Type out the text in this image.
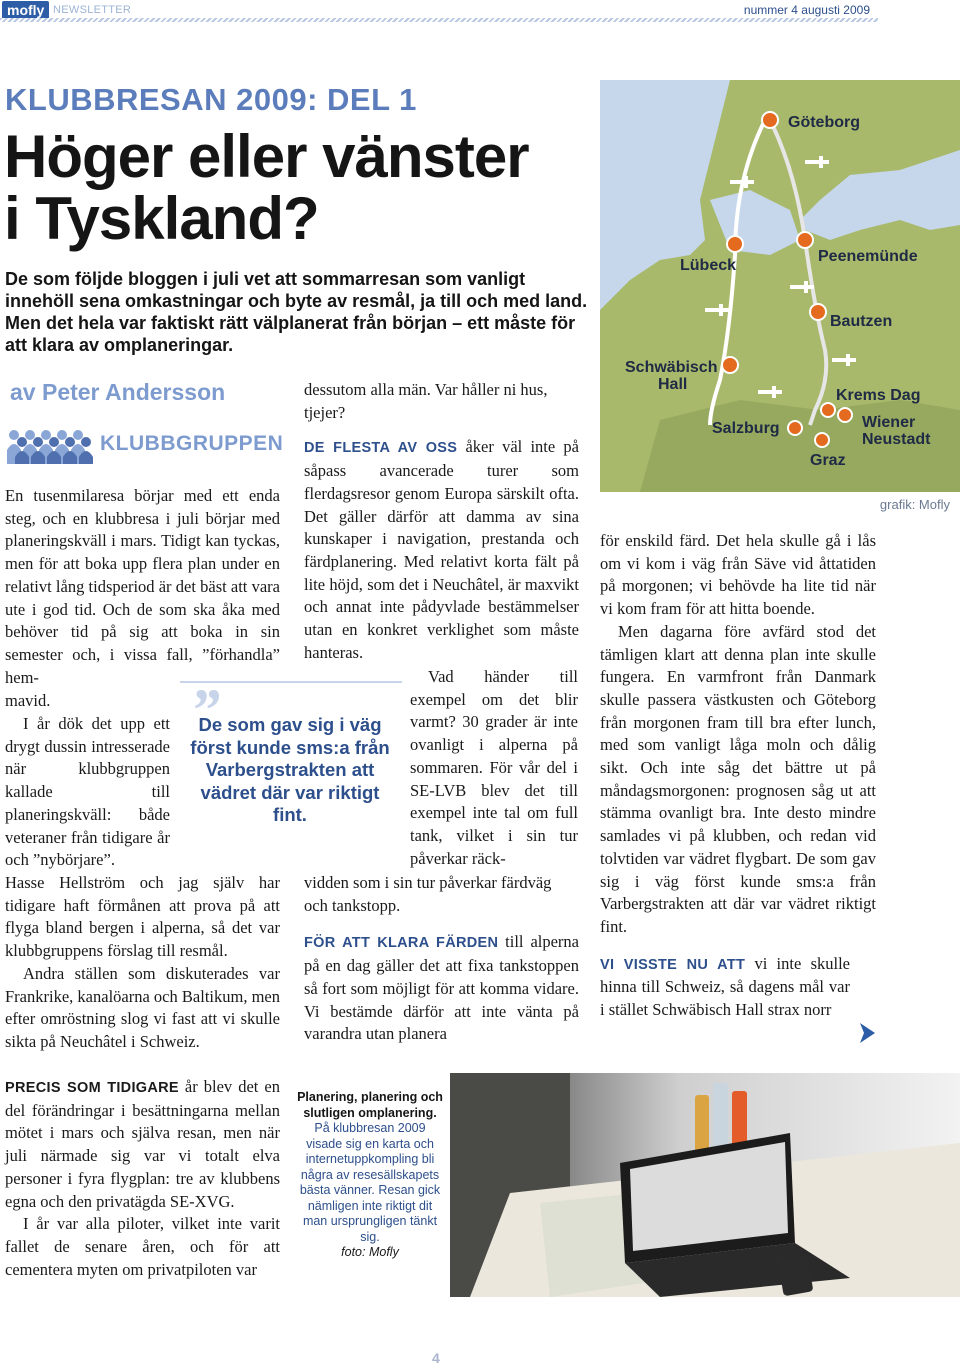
mofly NEWSLETTER	nummer 4 augusti 2009
KLUBBRESAN 2009: DEL 1
Höger eller vänster
i Tyskland?
De som följde bloggen i juli vet att sommarresan som vanligt innehöll sena omkastningar och byte av resmål, ja till och med land. Men det hela var faktiskt rätt välplanerat från början – ett måste för att klara av omplaneringar.
av Peter Andersson
KLUBBGRUPPEN

En tusenmilaresa börjar med ett enda steg, och en klubbresa i juli börjar med planeringskväll i mars. Tidigt kan tyckas, men för att boka upp flera plan under en relativt lång tidsperiod är det bäst att vara ute i god tid. Och de som ska åka med behöver tid på sig att boka in sin semester och, i vissa fall, ”förhandla” hem-

mavid.

I år dök det upp ett drygt dussin intresserade när klubbgruppen kallade till planeringskväll: både veteraner från tidigare år och ”nybörjare”.

Hasse Hellström och jag själv har tidigare haft förmånen att prova på att flyga bland bergen i alperna, så det var klubbgruppens förslag till resmål.

Andra ställen som diskuterades var Frankrike, kanalöarna och Baltikum, men efter omröstning slog vi fast att vi skulle sikta på Neuchâtel i Schweiz.

”
De som gav sig i väg först kunde sms:a från Varbergstrakten att vädret där var riktigt fint.

dessutom alla män. Var håller ni hus, tjejer?

DE FLESTA AV OSS åker väl inte på såpass avancerade turer som flerdagsresor genom Europa särskilt ofta. Det gäller därför att damma av sina kunskaper i navigation, prestanda och färdplanering. Med relativt korta fält på lite höjd, som det i Neuchâtel, är maxvikt och annat inte pådyvlade bestämmelser utan en konkret verklighet som måste hanteras.

Vad händer till exempel om det blir varmt? 30 grader är inte ovanligt i alperna på sommaren. För vår del i SE-LVB blev det till exempel inte tal om full tank, vilket i sin tur påverkar räck-

vidden som i sin tur påverkar färdväg och tankstopp.

FÖR ATT KLARA FÄRDEN till alperna på en dag gäller det att fixa tankstoppen så fort som möjligt för att komma vidare. Vi bestämde därför att inte vänta på varandra utan planera

Göteborg
Lübeck
Peenemünde
Bautzen
Schwäbisch
Hall
Krems Dag
Salzburg	Wiener
Neustadt
Graz
grafik: Mofly

för enskild färd. Det hela skulle gå i lås om vi kom i väg från Säve vid åttatiden på morgonen; vi behövde ha lite tid när vi kom fram för att hitta boende.

Men dagarna före avfärd stod det tämligen klart att denna plan inte skulle fungera. En varmfront från Danmark skulle passera västkusten och Göteborg från morgonen fram till bra efter lunch, med som vanligt låga moln och dålig sikt. Och inte såg det bättre ut på måndagsmorgonen: prognosen såg ut att stämma ovanligt bra. Inte desto mindre samlades vi på klubben, och redan vid tolvtiden var vädret flygbart. De som gav sig i väg först kunde sms:a från Varbergstrakten att där var vädret riktigt fint.

VI VISSTE NU ATT vi inte skulle hinna till Schweiz, så dagens mål var i stället Schwäbisch Hall strax norr

PRECIS SOM TIDIGARE år blev det en del förändringar i besättningarna mellan mötet i mars och själva resan, men när juli närmade sig var vi totalt elva personer i fyra flygplan: tre av klubbens egna och den privatägda SE-XVG.

I år var alla piloter, vilket inte varit fallet de senare åren, och för att cementera myten om privatpiloten var

Planering, planering och slutligen omplanering.
På klubbresan 2009 visade sig en karta och internetuppkompling bli några av resesällskapets bästa vänner. Resan gick nämligen inte riktigt dit man ursprungligen tänkt sig.
foto: Mofly
4
